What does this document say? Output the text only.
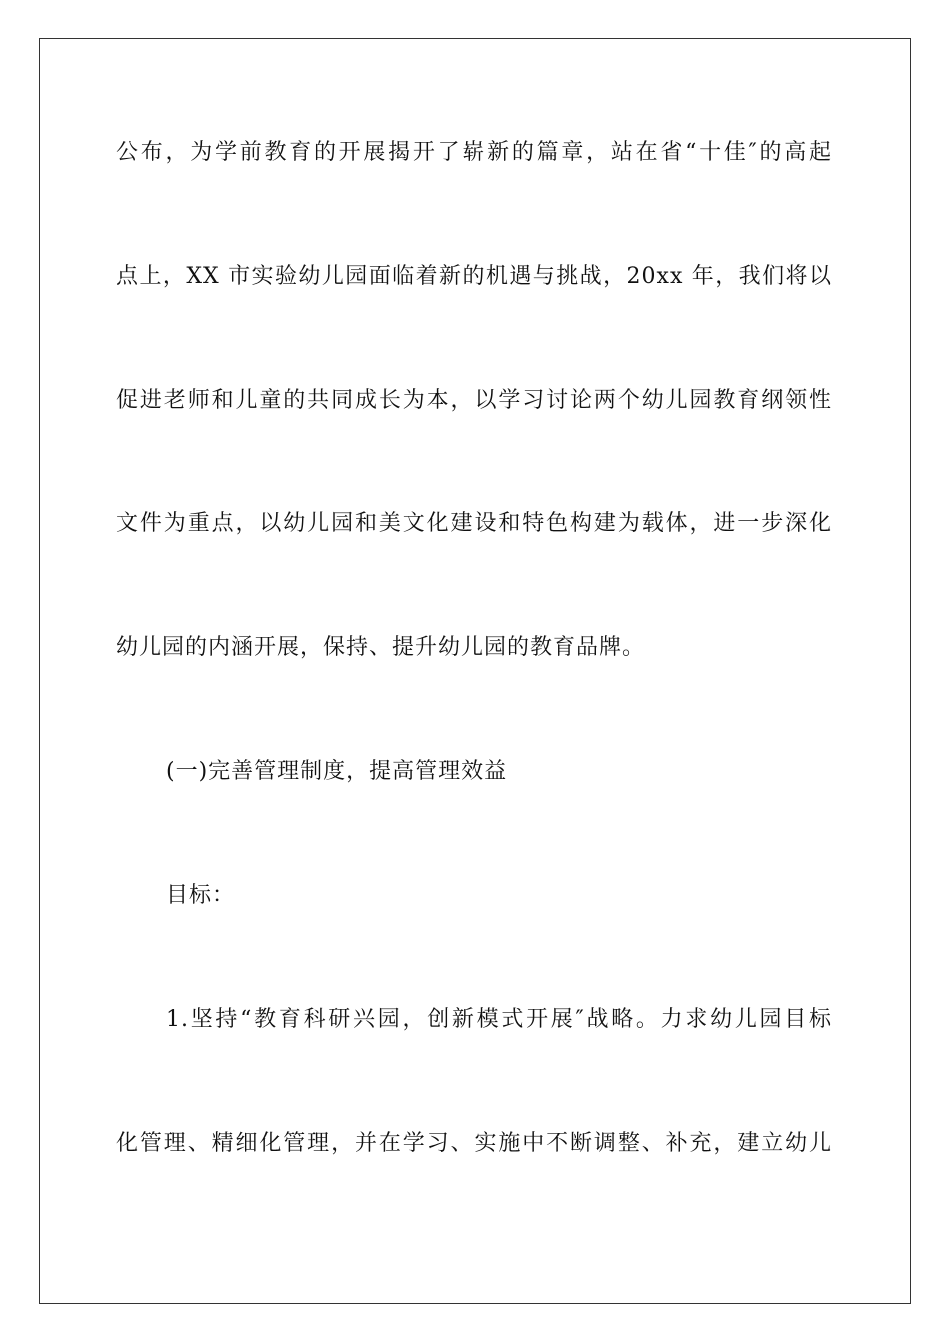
公布，为学前教育的开展揭开了崭新的篇章，站在省“十佳″的高起
点上，XX 市实验幼儿园面临着新的机遇与挑战，20xx 年，我们将以
促进老师和儿童的共同成长为本，以学习讨论两个幼儿园教育纲领性
文件为重点，以幼儿园和美文化建设和特色构建为载体，进一步深化
幼儿园的内涵开展，保持、提升幼儿园的教育品牌。
(一)完善管理制度，提高管理效益
目标：
1.坚持“教育科研兴园，创新模式开展″战略。力求幼儿园目标
化管理、精细化管理，并在学习、实施中不断调整、补充，建立幼儿
